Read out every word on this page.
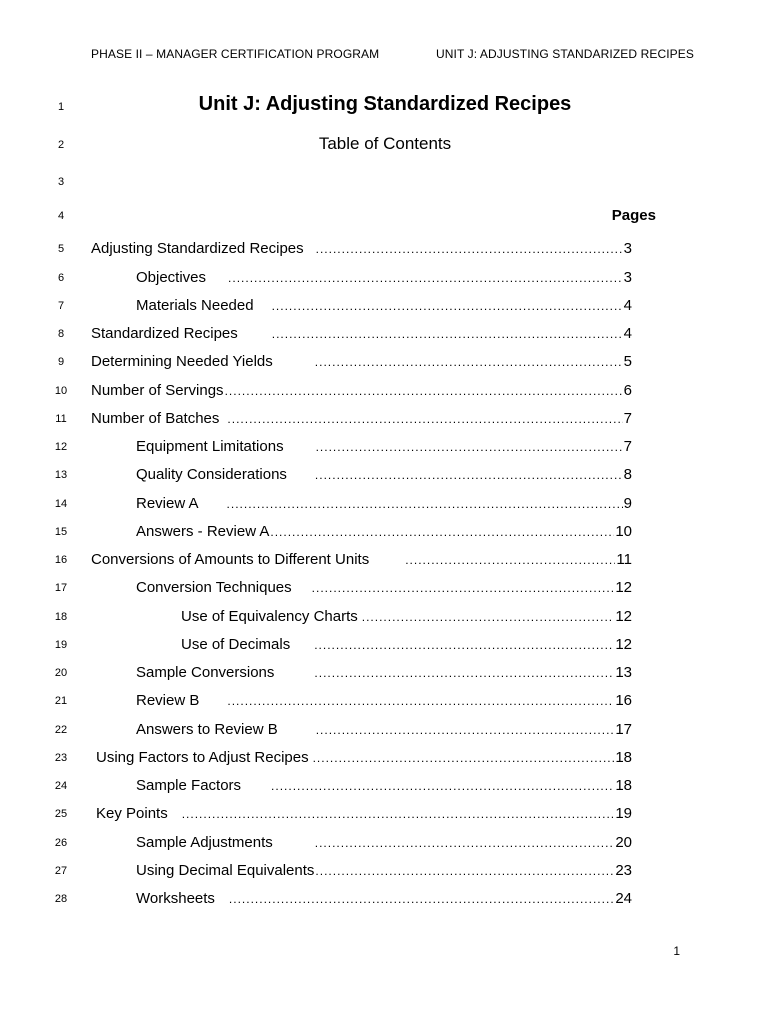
PHASE II – MANAGER CERTIFICATION PROGRAM	UNIT J: ADJUSTING STANDARIZED RECIPES
1
2
3
4
5
6
7
8
9
10
11
12
13
14
15
16
17
18
19
20
21
22
23
24
25
26
27
28
Unit J: Adjusting Standardized Recipes
Table of Contents
Pages
Adjusting Standardized Recipes .....	3
Objectives .....	3
Materials Needed .....	4
Standardized Recipes .....	4
Determining Needed Yields .....	5
Number of Servings .....	6
Number of Batches .....	7
Equipment Limitations .....	7
Quality Considerations .....	8
Review A .....	9
Answers - Review A .....	10
Conversions of Amounts to Different Units .....	11
Conversion Techniques .....	12
Use of Equivalency Charts .....	12
Use of Decimals .....	12
Sample Conversions .....	13
Review B .....	16
Answers to Review B .....	17
Using Factors to Adjust Recipes .....	18
Sample Factors .....	18
Key Points .....	19
Sample Adjustments .....	20
Using Decimal Equivalents .....	23
Worksheets .....	24
1
